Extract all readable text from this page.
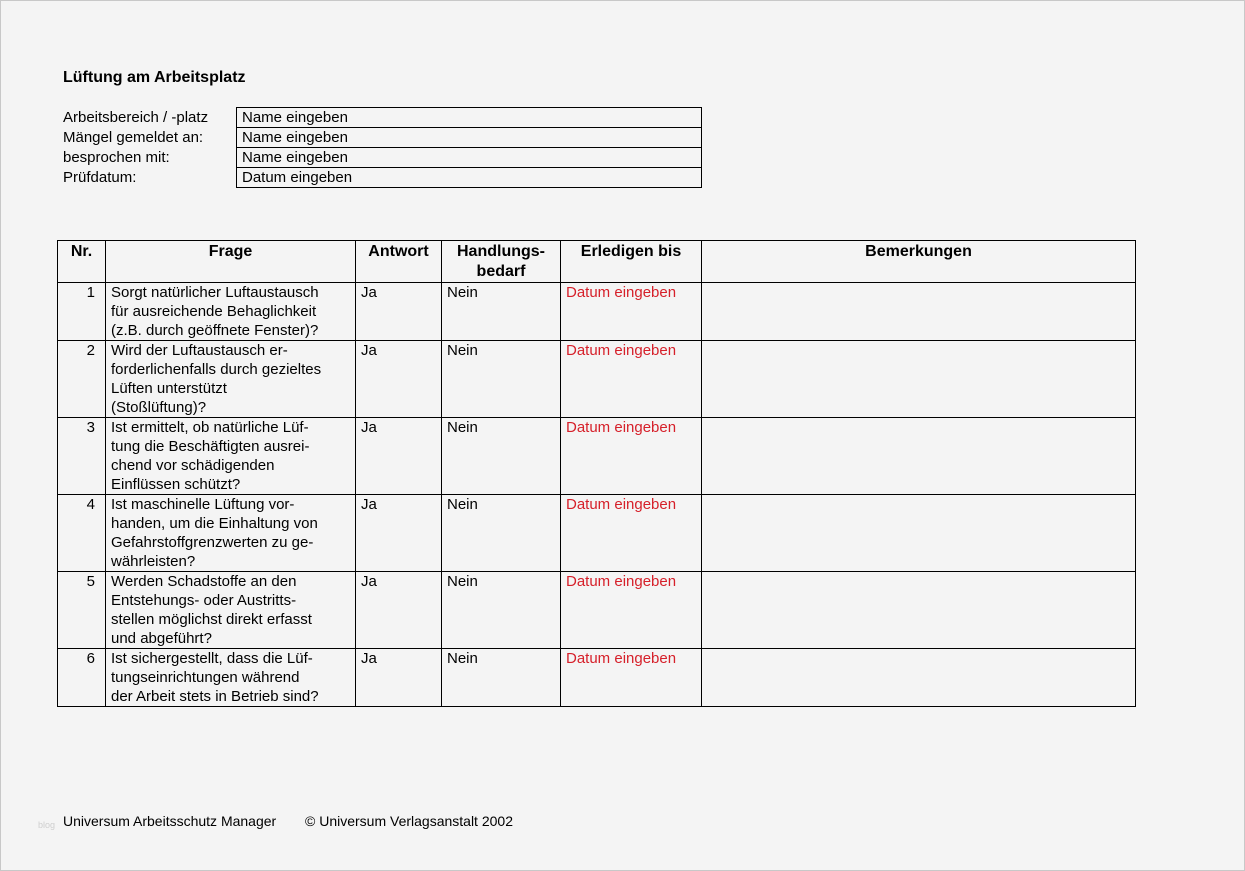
Lüftung am Arbeitsplatz
Arbeitsbereich / -platz	Name eingeben
Mängel gemeldet an:	Name eingeben
besprochen mit:	Name eingeben
Prüfdatum:	Datum eingeben
Nr.	Frage	Antwort	Handlungs-
bedarf	Erledigen bis	Bemerkungen
1	Sorgt natürlicher Luftaustausch
für ausreichende Behaglichkeit
(z.B. durch geöffnete Fenster)?	Ja	Nein	Datum eingeben	
2	Wird der Luftaustausch er-
forderlichenfalls durch gezieltes
Lüften unterstützt
(Stoßlüftung)?	Ja	Nein	Datum eingeben	
3	Ist ermittelt, ob natürliche Lüf-
tung die Beschäftigten ausrei-
chend vor schädigenden
Einflüssen schützt?	Ja	Nein	Datum eingeben	
4	Ist maschinelle Lüftung vor-
handen, um die Einhaltung von
Gefahrstoffgrenzwerten zu ge-
währleisten?	Ja	Nein	Datum eingeben	
5	Werden Schadstoffe an den
Entstehungs- oder Austritts-
stellen möglichst direkt erfasst
und abgeführt?	Ja	Nein	Datum eingeben	
6	Ist sichergestellt, dass die Lüf-
tungseinrichtungen während
der Arbeit stets in Betrieb sind?	Ja	Nein	Datum eingeben	
blog Universum Arbeitsschutz Manager © Universum Verlagsanstalt 2002
